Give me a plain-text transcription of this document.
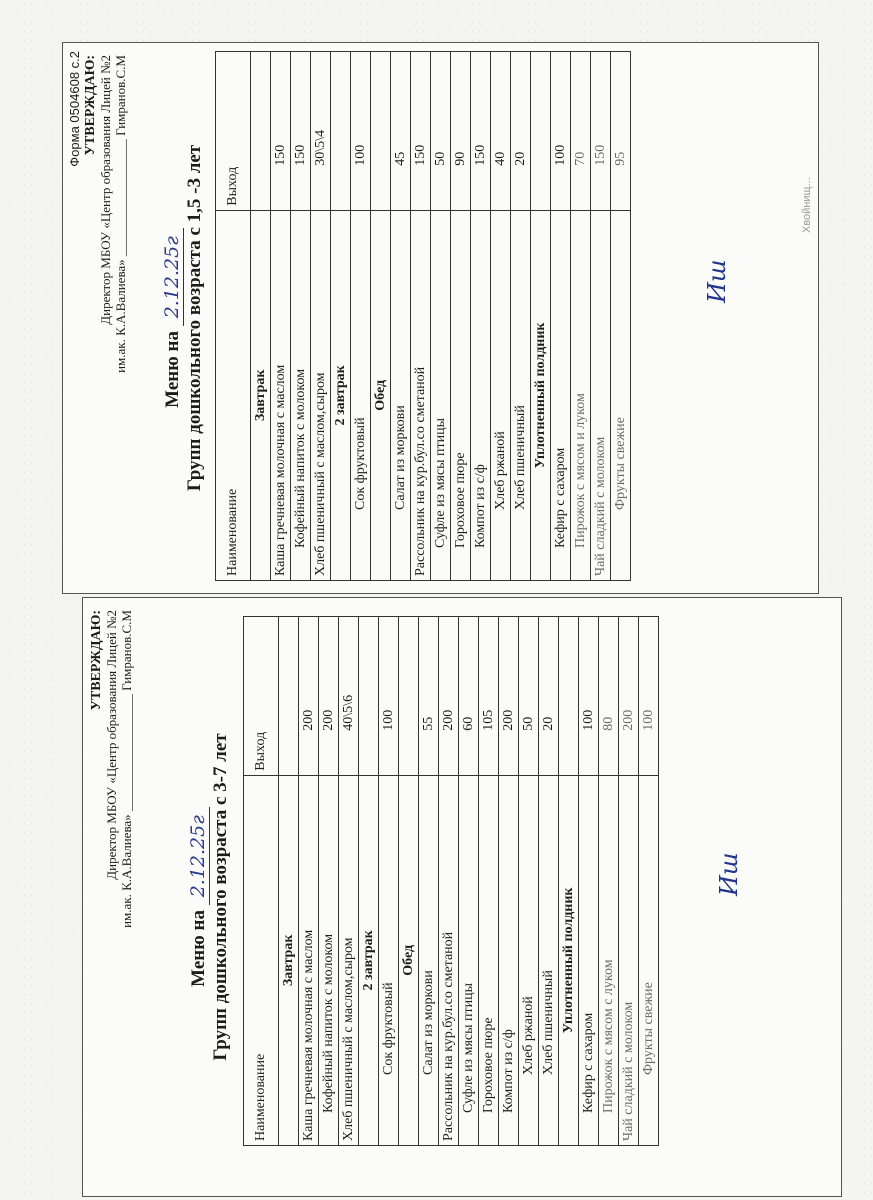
Форма 0504608 с.2 УТВЕРЖДАЮ: Директор МБОУ «Центр образования Лицей №2 им.ак. К.А.Валиева» __________________ Гимранов.С.М
Меню на 2.12.25г
Групп дошкольного возраста с 1,5 -3 лет
Наименование	Выход
Завтрак	
Каша гречневая молочная с маслом	150
Кофейный напиток с молоком	150
Хлеб пшеничный с маслом,сыром	30\5\4
2 завтрак	
Сок фруктовый	100
Обед	
Салат из моркови	45
Рассольник на кур.бул.со сметаной	150
Суфле из мясы птицы	50
Гороховое пюре	90
Компот из с/ф	150
Хлеб ржаной	40
Хлеб пшеничный	20
Уплотненный полдник	
Кефир с сахаром	100
Пирожок с мясом и луком	70
Чай сладкий с молоком	150
Фрукты свежие	95
Иш
Хвойнищ...
УТВЕРЖДАЮ: Директор МБОУ «Центр образования Лицей №2 им.ак. К.А.Валиева» __________________ Гимранов.С.М
Меню на 2.12.25г
Групп дошкольного возраста с 3-7 лет
Наименование	Выход
Завтрак	
Каша гречневая молочная с маслом	200
Кофейный напиток с молоком	200
Хлеб пшеничный с маслом,сыром	40\5\6
2 завтрак	
Сок фруктовый	100
Обед	
Салат из моркови	55
Рассольник на кур.бул.со сметаной	200
Суфле из мясы птицы	60
Гороховое пюре	105
Компот из с/ф	200
Хлеб ржаной	50
Хлеб пшеничный	20
Уплотненный полдник	
Кефир с сахаром	100
Пирожок с мясом с луком	80
Чай сладкий с молоком	200
Фрукты свежие	100
Иш
